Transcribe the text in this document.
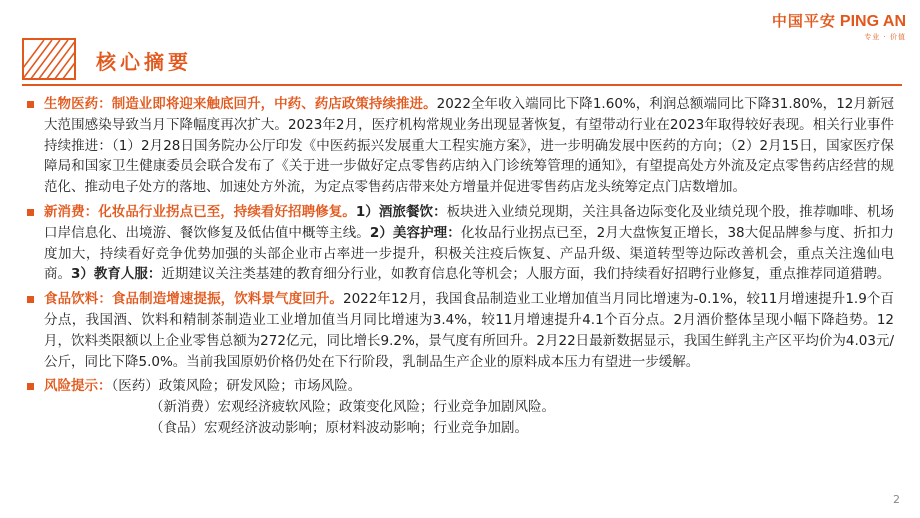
中国平安 PING AN
专业 · 价值
核心摘要
生物医药：制造业即将迎来触底回升，中药、药店政策持续推进。2022全年收入端同比下降1.60%，利润总额端同比下降31.80%，12月新冠大范围感染导致当月下降幅度再次扩大。2023年2月，医疗机构常规业务出现显著恢复，有望带动行业在2023年取得较好表现。相关行业事件持续推进：（1）2月28日国务院办公厅印发《中医药振兴发展重大工程实施方案》，进一步明确发展中医药的方向；（2）2月15日，国家医疗保障局和国家卫生健康委员会联合发布了《关于进一步做好定点零售药店纳入门诊统筹管理的通知》，有望提高处方外流及定点零售药店经营的规范化、推动电子处方的落地、加速处方外流，为定点零售药店带来处方增量并促进零售药店龙头统筹定点门店数增加。
新消费：化妆品行业拐点已至，持续看好招聘修复。1）酒旅餐饮：板块进入业绩兑现期，关注具备边际变化及业绩兑现个股，推荐咖啡、机场口岸信息化、出境游、餐饮修复及低估值中概等主线。2）美容护理：化妆品行业拐点已至，2月大盘恢复正增长，38大促品牌参与度、折扣力度加大，持续看好竞争优势加强的头部企业市占率进一步提升，积极关注疫后恢复、产品升级、渠道转型等边际改善机会，重点关注逸仙电商。3）教育人服：近期建议关注类基建的教育细分行业，如教育信息化等机会；人服方面，我们持续看好招聘行业修复，重点推荐同道猎聘。
食品饮料：食品制造增速提振，饮料景气度回升。2022年12月，我国食品制造业工业增加值当月同比增速为-0.1%，较11月增速提升1.9个百分点，我国酒、饮料和精制茶制造业工业增加值当月同比增速为3.4%，较11月增速提升4.1个百分点。2月酒价整体呈现小幅下降趋势。12月，饮料类限额以上企业零售总额为272亿元，同比增长9.2%，景气度有所回升。2月22日最新数据显示，我国生鲜乳主产区平均价为4.03元/公斤，同比下降5.0%。当前我国原奶价格仍处在下行阶段，乳制品生产企业的原料成本压力有望进一步缓解。

风险提示：（医药）政策风险；研发风险；市场风险。

（新消费）宏观经济疲软风险；政策变化风险；行业竞争加剧风险。

（食品）宏观经济波动影响；原材料波动影响；行业竞争加剧。

2
